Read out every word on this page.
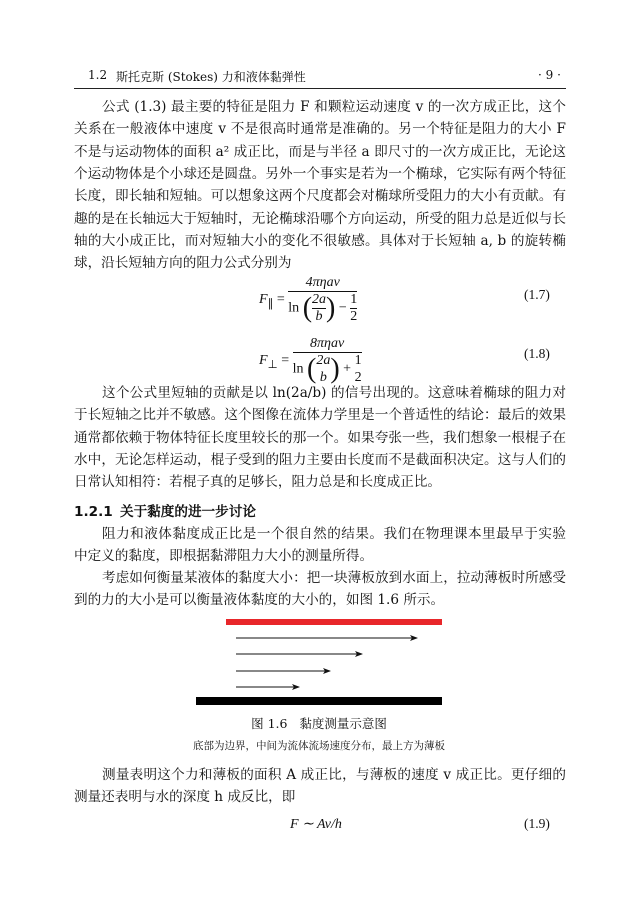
1.2 斯托克斯 (Stokes) 力和液体黏弹性	· 9 ·
公式 (1.3) 最主要的特征是阻力 F 和颗粒运动速度 v 的一次方成正比，这个
关系在一般液体中速度 v 不是很高时通常是准确的。另一个特征是阻力的大小 F
不是与运动物体的面积 a² 成正比，而是与半径 a 即尺寸的一次方成正比，无论这
个运动物体是个小球还是圆盘。另外一个事实是若为一个椭球，它实际有两个特征
长度，即长轴和短轴。可以想象这两个尺度都会对椭球所受阻力的大小有贡献。有
趣的是在长轴远大于短轴时，无论椭球沿哪个方向运动，所受的阻力总是近似与长
轴的大小成正比，而对短轴大小的变化不很敏感。具体对于长短轴 a, b 的旋转椭
球，沿长短轴方向的阻力公式分别为
$F_\parallel = \frac{\text{4πηav}}{\ln ( \frac{2a}{b} ) - \frac{1}{2}}$	(1.7)
$F_\perp = 8\pi\eta av$
ln ( 2a
b ) +
1
2	(1.8)
这个公式里短轴的贡献是以 ln(2a/b) 的信号出现的。这意味着椭球的阻力对
于长短轴之比并不敏感。这个图像在流体力学里是一个普适性的结论：最后的效果
通常都依赖于物体特征长度里较长的那一个。如果夸张一些，我们想象一根棍子在
水中，无论怎样运动，棍子受到的阻力主要由长度而不是截面积决定。这与人们的
日常认知相符：若棍子真的足够长，阻力总是和长度成正比。
1.2.1 关于黏度的进一步讨论
阻力和液体黏度成正比是一个很自然的结果。我们在物理课本里最早于实验
中定义的黏度，即根据黏滞阻力大小的测量所得。
考虑如何衡量某液体的黏度大小：把一块薄板放到水面上，拉动薄板时所感受
到的力的大小是可以衡量液体黏度的大小的，如图 1.6 所示。
图 1.6 黏度测量示意图
底部为边界，中间为流体流场速度分布，最上方为薄板
测量表明这个力和薄板的面积 A 成正比，与薄板的速度 v 成正比。更仔细的
测量还表明与水的深度 h 成反比，即
F ∼ Av/h	(1.9)
